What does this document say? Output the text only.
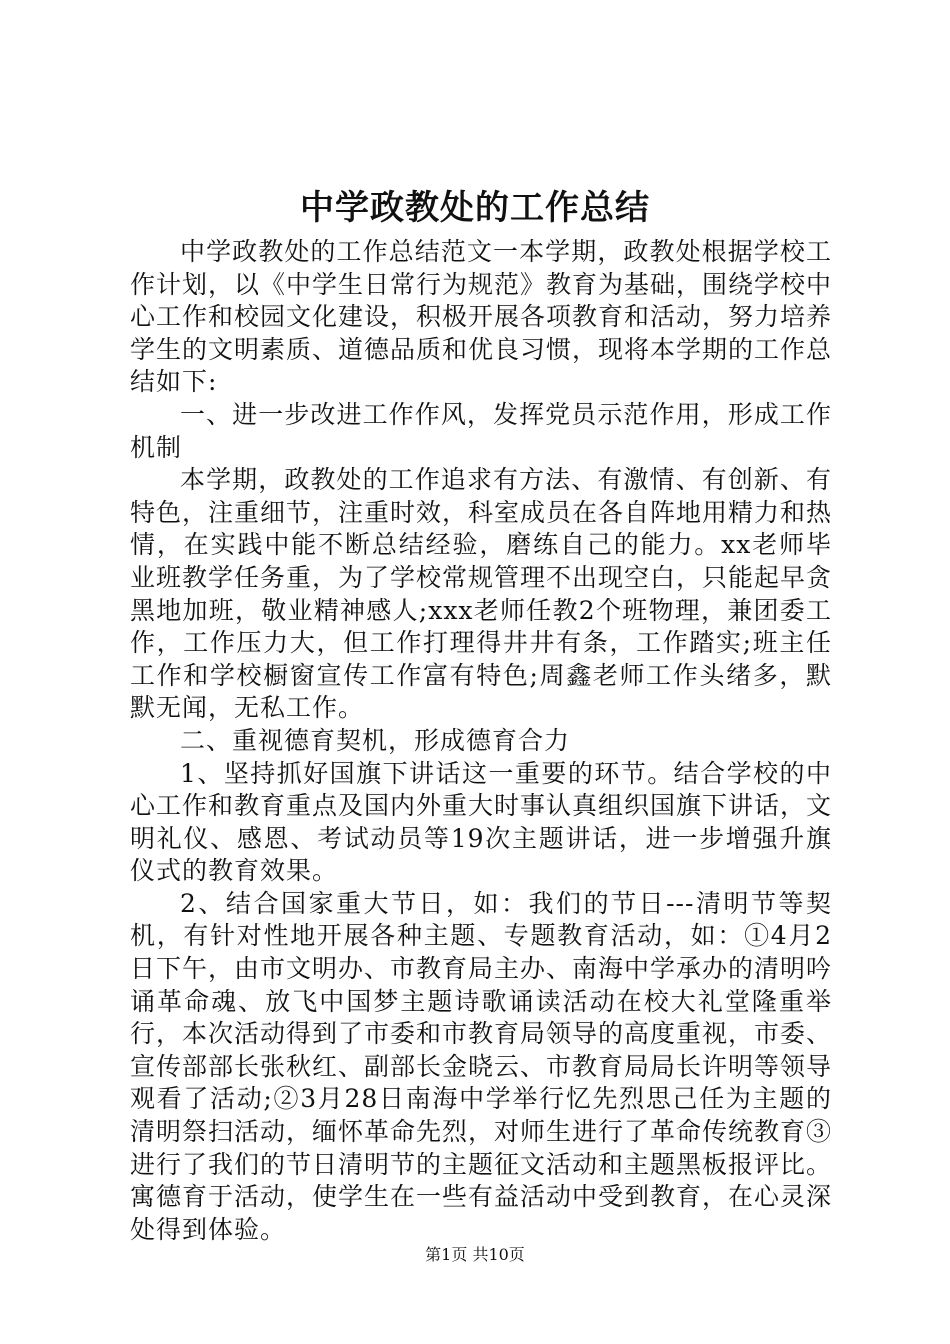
中学政教处的工作总结

中学政教处的工作总结范文一本学期，政教处根据学校工作计划，以《中学生日常行为规范》教育为基础，围绕学校中心工作和校园文化建设，积极开展各项教育和活动，努力培养学生的文明素质、道德品质和优良习惯，现将本学期的工作总结如下:

一、进一步改进工作作风，发挥党员示范作用，形成工作机制

本学期，政教处的工作追求有方法、有激情、有创新、有特色，注重细节，注重时效，科室成员在各自阵地用精力和热情，在实践中能不断总结经验，磨练自己的能力。xx老师毕业班教学任务重，为了学校常规管理不出现空白，只能起早贪黑地加班，敬业精神感人;xxx老师任教2个班物理，兼团委工作，工作压力大，但工作打理得井井有条，工作踏实;班主任工作和学校橱窗宣传工作富有特色;周鑫老师工作头绪多，默默无闻，无私工作。

二、重视德育契机，形成德育合力

1、坚持抓好国旗下讲话这一重要的环节。结合学校的中心工作和教育重点及国内外重大时事认真组织国旗下讲话，文明礼仪、感恩、考试动员等19次主题讲话，进一步增强升旗仪式的教育效果。

2、结合国家重大节日，如：我们的节日---清明节等契机，有针对性地开展各种主题、专题教育活动，如：①4月2日下午，由市文明办、市教育局主办、南海中学承办的清明吟诵革命魂、放飞中国梦主题诗歌诵读活动在校大礼堂隆重举行，本次活动得到了市委和市教育局领导的高度重视，市委、宣传部部长张秋红、副部长金晓云、市教育局局长许明等领导观看了活动;②3月28日南海中学举行忆先烈思己任为主题的清明祭扫活动，缅怀革命先烈，对师生进行了革命传统教育③进行了我们的节日清明节的主题征文活动和主题黑板报评比。寓德育于活动，使学生在一些有益活动中受到教育，在心灵深处得到体验。

第1页 共10页
